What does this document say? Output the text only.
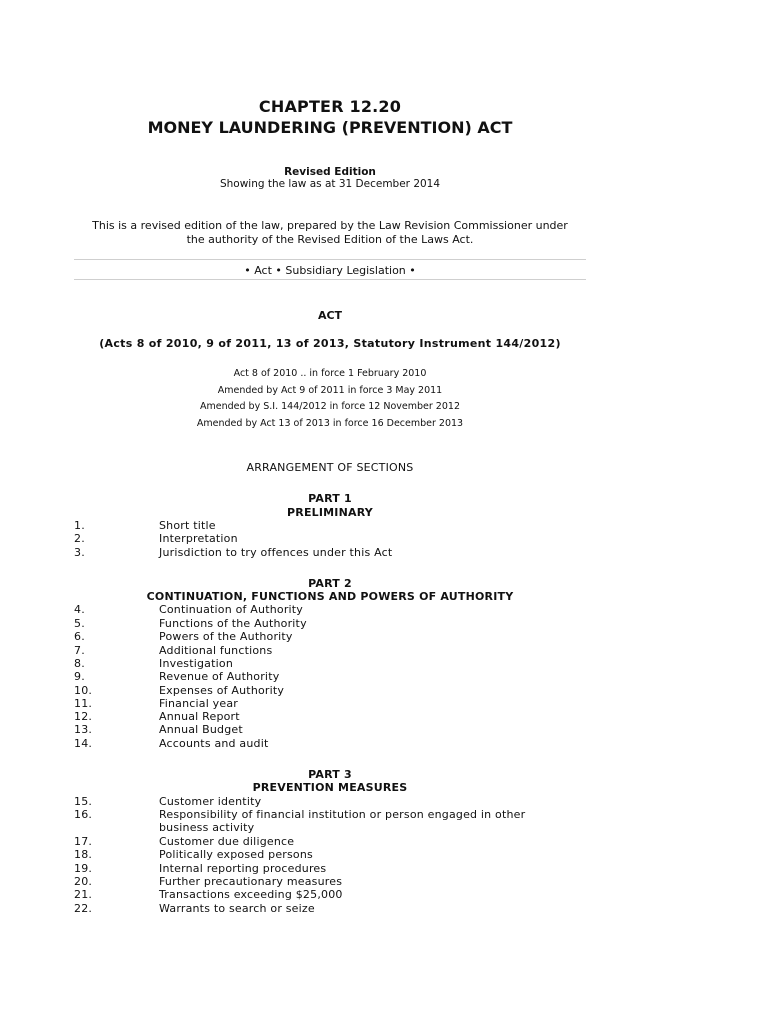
CHAPTER 12.20
MONEY LAUNDERING (PREVENTION) ACT
Revised Edition
Showing the law as at 31 December 2014
This is a revised edition of the law, prepared by the Law Revision Commissioner under
the authority of the Revised Edition of the Laws Act.
• Act • Subsidiary Legislation •
ACT
(Acts 8 of 2010, 9 of 2011, 13 of 2013, Statutory Instrument 144/2012)
Act 8 of 2010 .. in force 1 February 2010
Amended by Act 9 of 2011 in force 3 May 2011
Amended by S.I. 144/2012 in force 12 November 2012
Amended by Act 13 of 2013 in force 16 December 2013
ARRANGEMENT OF SECTIONS
PART 1
PRELIMINARY
1.	Short title
2.	Interpretation
3.	Jurisdiction to try offences under this Act
PART 2
CONTINUATION, FUNCTIONS AND POWERS OF AUTHORITY
4.	Continuation of Authority
5.	Functions of the Authority
6.	Powers of the Authority
7.	Additional functions
8.	Investigation
9.	Revenue of Authority
10.	Expenses of Authority
11.	Financial year
12.	Annual Report
13.	Annual Budget
14.	Accounts and audit
PART 3
PREVENTION MEASURES
15.	Customer identity
16.	Responsibility of financial institution or person engaged in other
business activity
17.	Customer due diligence
18.	Politically exposed persons
19.	Internal reporting procedures
20.	Further precautionary measures
21.	Transactions exceeding $25,000
22.	Warrants to search or seize
